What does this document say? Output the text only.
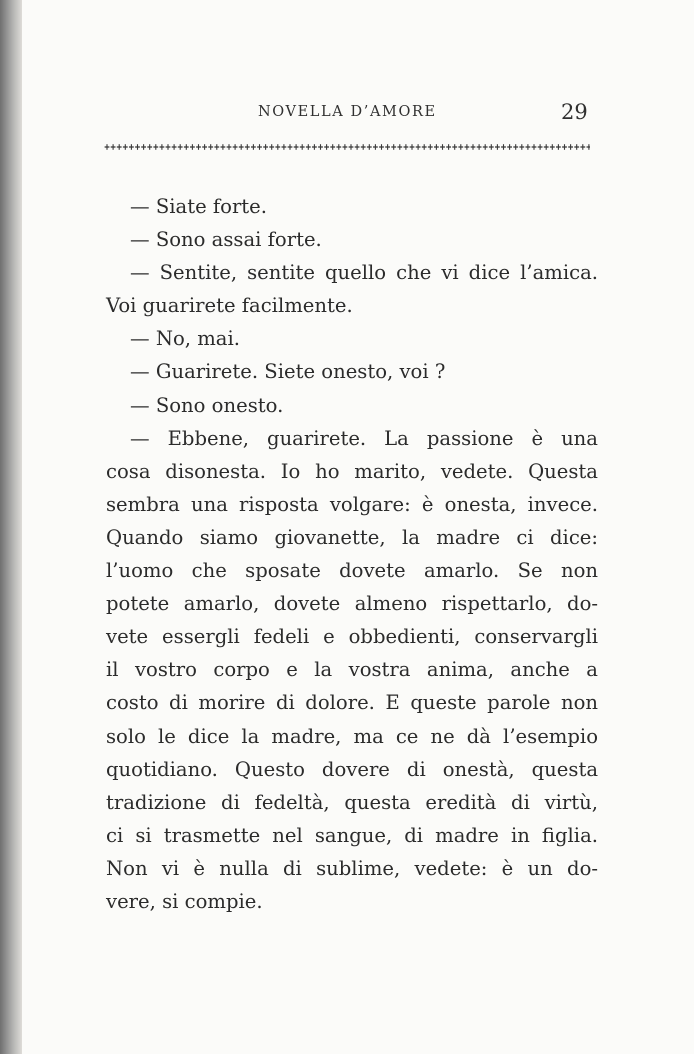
NOVELLA D’AMORE	29
— Siate forte.
— Sono assai forte.
— Sentite, sentite quello che vi dice l’amica.
Voi guarirete facilmente.
— No, mai.
— Guarirete. Siete onesto, voi ?
— Sono onesto.
— Ebbene, guarirete. La passione è una
cosa disonesta. Io ho marito, vedete. Questa
sembra una risposta volgare: è onesta, invece.
Quando siamo giovanette, la madre ci dice:
l’uomo che sposate dovete amarlo. Se non
potete amarlo, dovete almeno rispettarlo, do-
vete essergli fedeli e obbedienti, conservargli
il vostro corpo e la vostra anima, anche a
costo di morire di dolore. E queste parole non
solo le dice la madre, ma ce ne dà l’esempio
quotidiano. Questo dovere di onestà, questa
tradizione di fedeltà, questa eredità di virtù,
ci si trasmette nel sangue, di madre in figlia.
Non vi è nulla di sublime, vedete: è un do-
vere, si compie.
